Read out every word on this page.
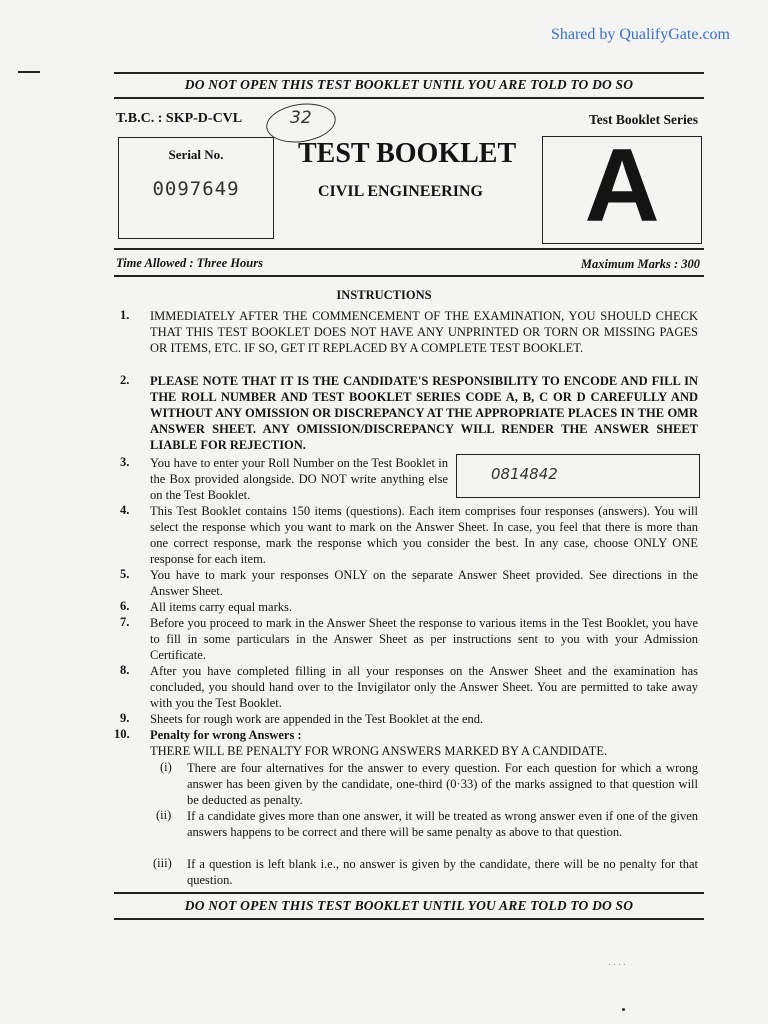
Shared by QualifyGate.com
DO NOT OPEN THIS TEST BOOKLET UNTIL YOU ARE TOLD TO DO SO
T.B.C. : SKP-D-CVL	32	Test Booklet Series
Serial No.
0097649
TEST BOOKLET
CIVIL ENGINEERING A
Time Allowed : Three Hours	Maximum Marks : 300
INSTRUCTIONS
1. IMMEDIATELY AFTER THE COMMENCEMENT OF THE EXAMINATION, YOU SHOULD CHECK THAT THIS TEST BOOKLET DOES NOT HAVE ANY UNPRINTED OR TORN OR MISSING PAGES OR ITEMS, ETC. IF SO, GET IT REPLACED BY A COMPLETE TEST BOOKLET.

2. PLEASE NOTE THAT IT IS THE CANDIDATE'S RESPONSIBILITY TO ENCODE AND FILL IN THE ROLL NUMBER AND TEST BOOKLET SERIES CODE A, B, C OR D CAREFULLY AND WITHOUT ANY OMISSION OR DISCREPANCY AT THE APPROPRIATE PLACES IN THE OMR ANSWER SHEET. ANY OMISSION/DISCREPANCY WILL RENDER THE ANSWER SHEET LIABLE FOR REJECTION.

3. You have to enter your Roll Number on the Test Booklet in the Box provided alongside. DO NOT write anything else on the Test Booklet.

0814842
4. This Test Booklet contains 150 items (questions). Each item comprises four responses (answers). You will select the response which you want to mark on the Answer Sheet. In case, you feel that there is more than one correct response, mark the response which you consider the best. In any case, choose ONLY ONE response for each item.

5. You have to mark your responses ONLY on the separate Answer Sheet provided. See directions in the Answer Sheet.

6. All items carry equal marks.

7. Before you proceed to mark in the Answer Sheet the response to various items in the Test Booklet, you have to fill in some particulars in the Answer Sheet as per instructions sent to you with your Admission Certificate.

8. After you have completed filling in all your responses on the Answer Sheet and the examination has concluded, you should hand over to the Invigilator only the Answer Sheet. You are permitted to take away with you the Test Booklet.

9. Sheets for rough work are appended in the Test Booklet at the end.

10. Penalty for wrong Answers :

THERE WILL BE PENALTY FOR WRONG ANSWERS MARKED BY A CANDIDATE.

(i) There are four alternatives for the answer to every question. For each question for which a wrong answer has been given by the candidate, one-third (0·33) of the marks assigned to that question will be deducted as penalty.

(ii) If a candidate gives more than one answer, it will be treated as wrong answer even if one of the given answers happens to be correct and there will be same penalty as above to that question.

(iii) If a question is left blank i.e., no answer is given by the candidate, there will be no penalty for that question.

DO NOT OPEN THIS TEST BOOKLET UNTIL YOU ARE TOLD TO DO SO
· · · ·
